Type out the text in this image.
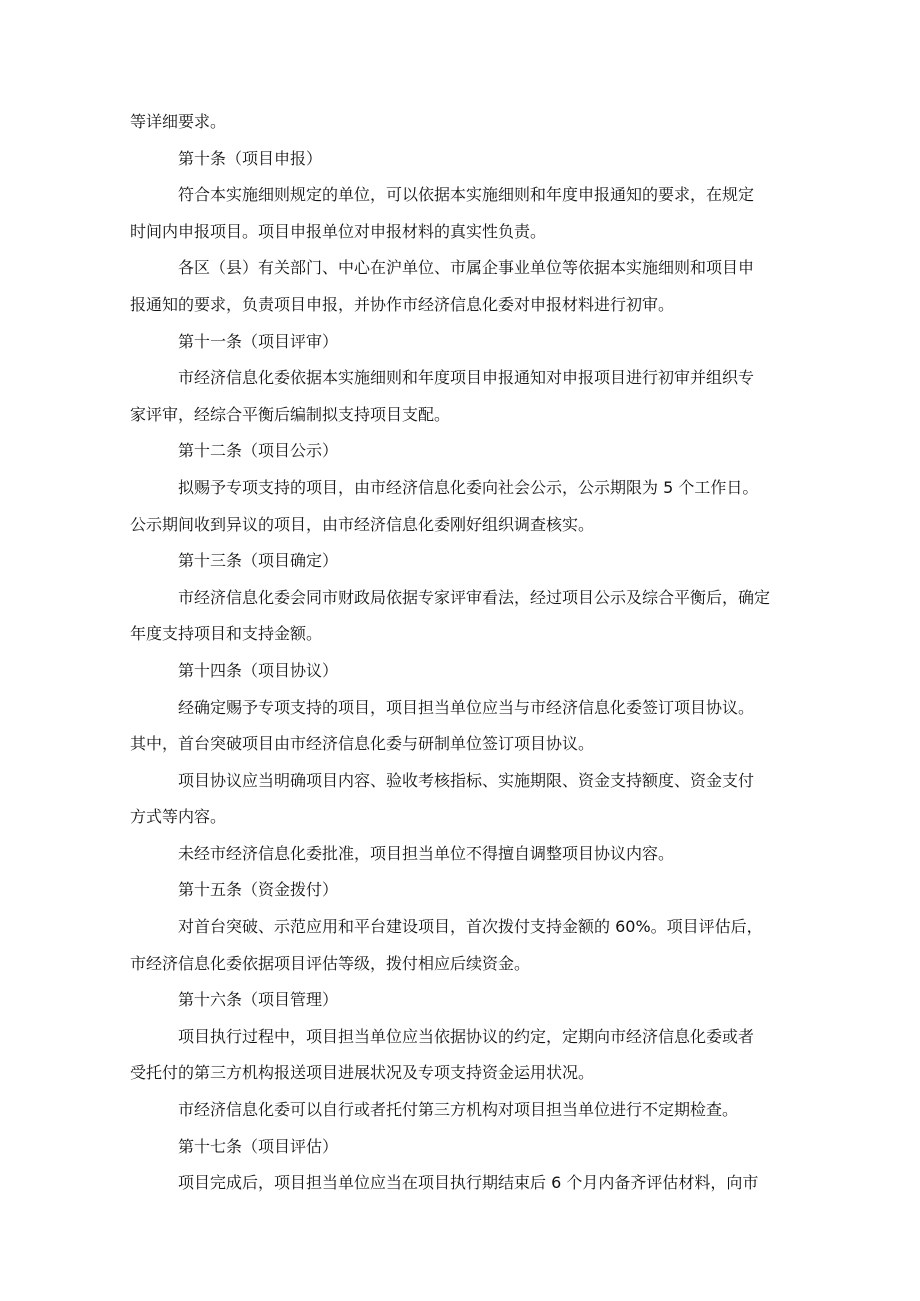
等详细要求。
第十条（项目申报）
符合本实施细则规定的单位，可以依据本实施细则和年度申报通知的要求，在规定
时间内申报项目。项目申报单位对申报材料的真实性负责。
各区（县）有关部门、中心在沪单位、市属企事业单位等依据本实施细则和项目申
报通知的要求，负责项目申报，并协作市经济信息化委对申报材料进行初审。
第十一条（项目评审）
市经济信息化委依据本实施细则和年度项目申报通知对申报项目进行初审并组织专
家评审，经综合平衡后编制拟支持项目支配。
第十二条（项目公示）
拟赐予专项支持的项目，由市经济信息化委向社会公示，公示期限为 5 个工作日。
公示期间收到异议的项目，由市经济信息化委刚好组织调查核实。
第十三条（项目确定）
市经济信息化委会同市财政局依据专家评审看法，经过项目公示及综合平衡后，确定
年度支持项目和支持金额。
第十四条（项目协议）
经确定赐予专项支持的项目，项目担当单位应当与市经济信息化委签订项目协议。
其中，首台突破项目由市经济信息化委与研制单位签订项目协议。
项目协议应当明确项目内容、验收考核指标、实施期限、资金支持额度、资金支付
方式等内容。
未经市经济信息化委批准，项目担当单位不得擅自调整项目协议内容。
第十五条（资金拨付）
对首台突破、示范应用和平台建设项目，首次拨付支持金额的 60%。项目评估后，
市经济信息化委依据项目评估等级，拨付相应后续资金。
第十六条（项目管理）
项目执行过程中，项目担当单位应当依据协议的约定，定期向市经济信息化委或者
受托付的第三方机构报送项目进展状况及专项支持资金运用状况。
市经济信息化委可以自行或者托付第三方机构对项目担当单位进行不定期检查。
第十七条（项目评估）
项目完成后，项目担当单位应当在项目执行期结束后 6 个月内备齐评估材料，向市
